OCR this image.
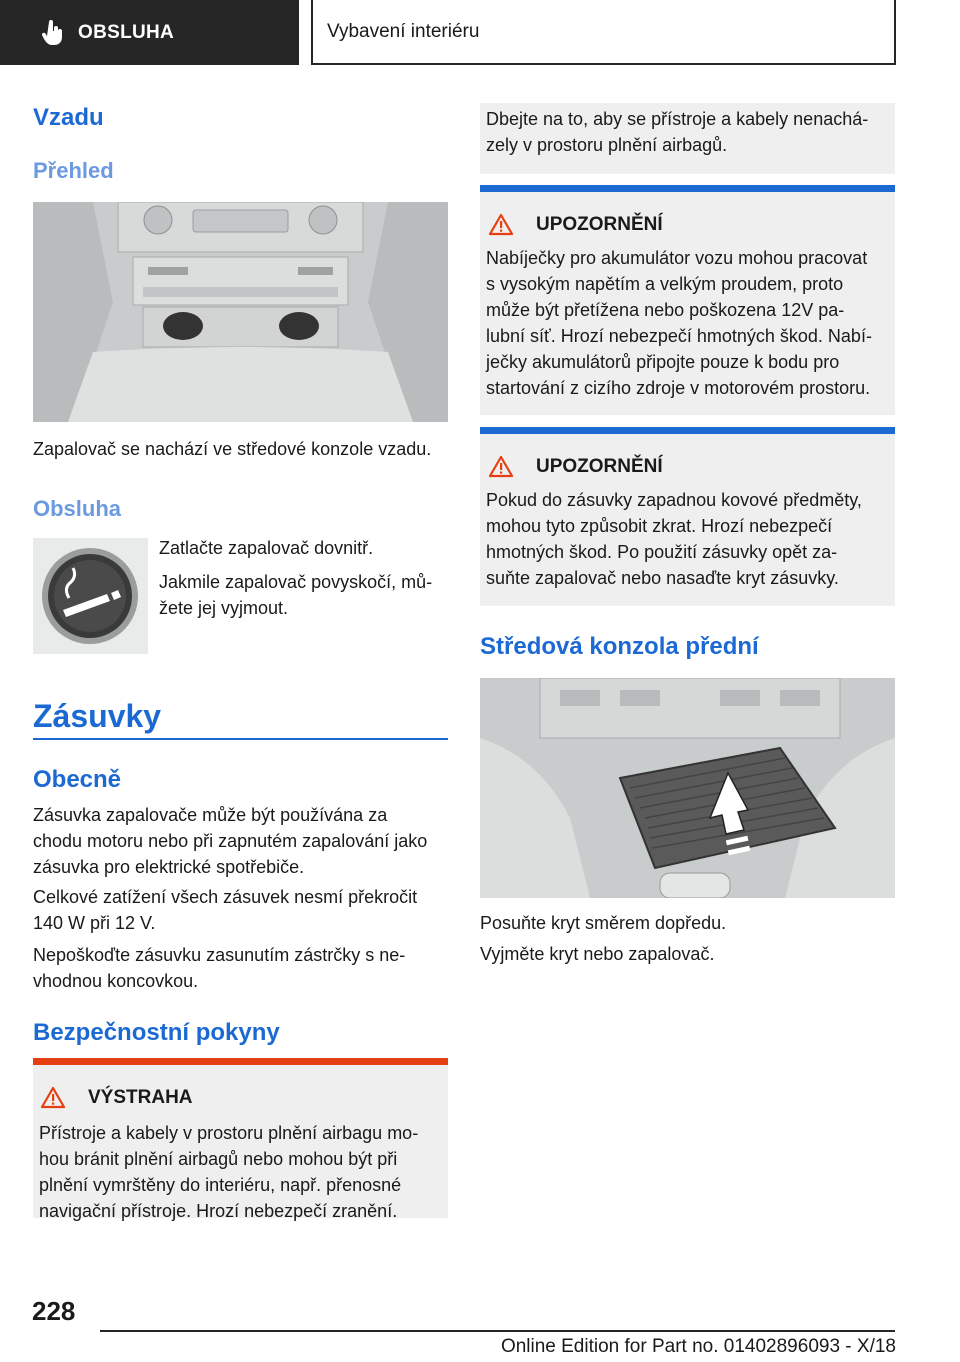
OBSLUHA	Vybavení interiéru
Vzadu
Přehled
Zapalovač se nachází ve středové konzole vzadu.
Obsluha
Zatlačte zapalovač dovnitř.
Jakmile zapalovač povyskočí, mů‐
žete jej vyjmout.
Zásuvky
Obecně
Zásuvka zapalovače může být používána za
chodu motoru nebo při zapnutém zapalování jako
zásuvka pro elektrické spotřebiče.
Celkové zatížení všech zásuvek nesmí překročit
140 W při 12 V.
Nepoškoďte zásuvku zasunutím zástrčky s ne‐
vhodnou koncovkou.
Bezpečnostní pokyny
VÝSTRAHA
Přístroje a kabely v prostoru plnění airbagu mo‐
hou bránit plnění airbagů nebo mohou být při
plnění vymrštěny do interiéru, např. přenosné
navigační přístroje. Hrozí nebezpečí zranění.
Dbejte na to, aby se přístroje a kabely nenachá‐
zely v prostoru plnění airbagů.
UPOZORNĚNÍ
Nabíječky pro akumulátor vozu mohou pracovat
s vysokým napětím a velkým proudem, proto
může být přetížena nebo poškozena 12V pa‐
lubní síť. Hrozí nebezpečí hmotných škod. Nabí‐
ječky akumulátorů připojte pouze k bodu pro
startování z cizího zdroje v motorovém prostoru.
UPOZORNĚNÍ
Pokud do zásuvky zapadnou kovové předměty,
mohou tyto způsobit zkrat. Hrozí nebezpečí
hmotných škod. Po použití zásuvky opět za‐
suňte zapalovač nebo nasaďte kryt zásuvky.
Středová konzola přední
Posuňte kryt směrem dopředu.
Vyjměte kryt nebo zapalovač.
228
Online Edition for Part no. 01402896093 - X/18
